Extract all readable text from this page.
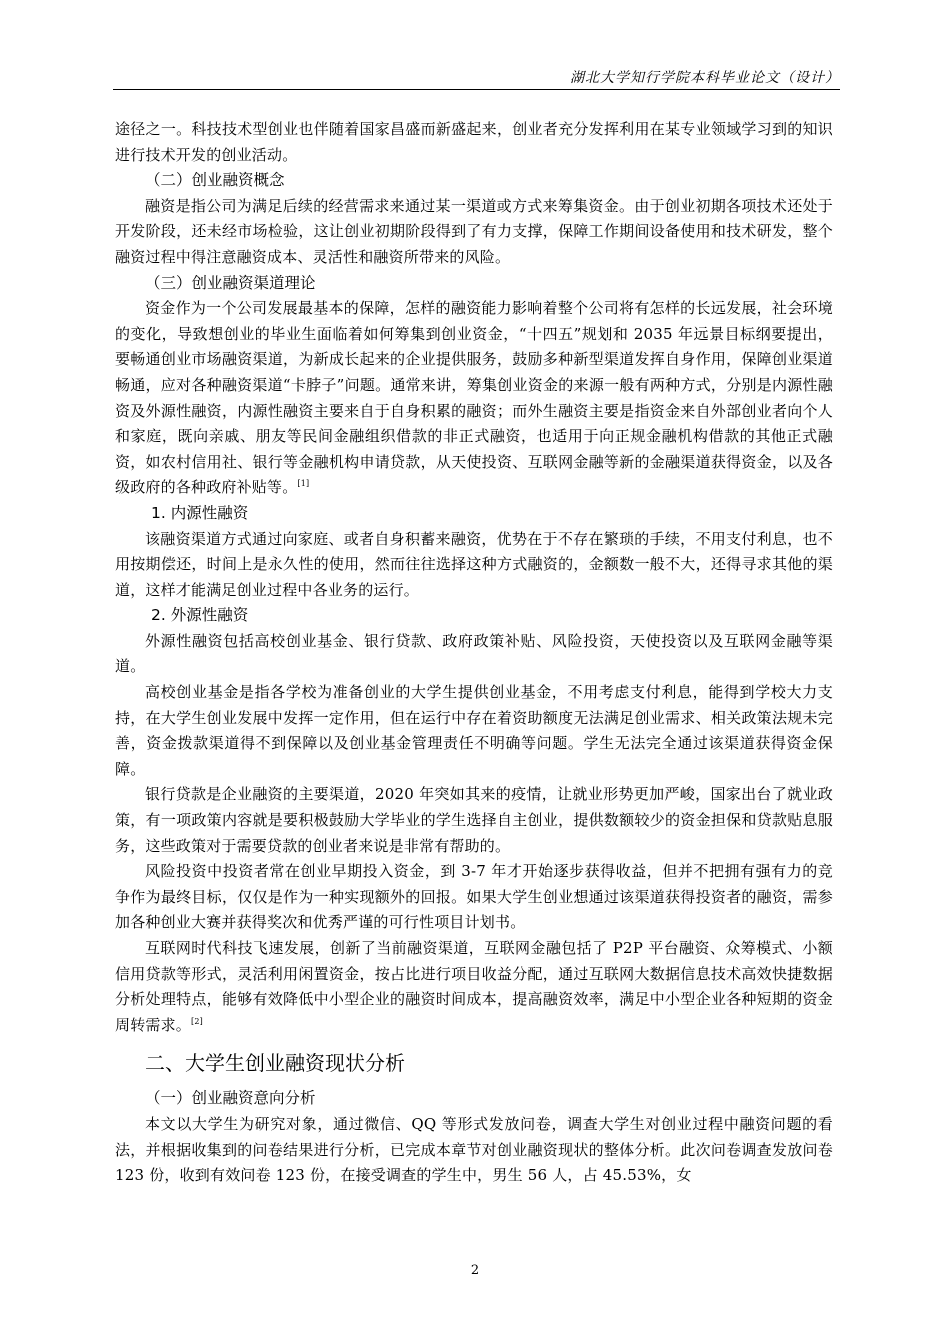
湖北大学知行学院本科毕业论文（设计）

途径之一。科技技术型创业也伴随着国家昌盛而新盛起来，创业者充分发挥利用在某专业领域学习到的知识进行技术开发的创业活动。

（二）创业融资概念

融资是指公司为满足后续的经营需求来通过某一渠道或方式来筹集资金。由于创业初期各项技术还处于开发阶段，还未经市场检验，这让创业初期阶段得到了有力支撑，保障工作期间设备使用和技术研发，整个融资过程中得注意融资成本、灵活性和融资所带来的风险。

（三）创业融资渠道理论

资金作为一个公司发展最基本的保障，怎样的融资能力影响着整个公司将有怎样的长远发展，社会环境的变化，导致想创业的毕业生面临着如何筹集到创业资金，“十四五”规划和 2035 年远景目标纲要提出，要畅通创业市场融资渠道，为新成长起来的企业提供服务，鼓励多种新型渠道发挥自身作用，保障创业渠道畅通，应对各种融资渠道“卡脖子”问题。通常来讲，筹集创业资金的来源一般有两种方式，分别是内源性融资及外源性融资，内源性融资主要来自于自身积累的融资；而外生融资主要是指资金来自外部创业者向个人和家庭，既向亲戚、朋友等民间金融组织借款的非正式融资，也适用于向正规金融机构借款的其他正式融资，如农村信用社、银行等金融机构申请贷款，从天使投资、互联网金融等新的金融渠道获得资金，以及各级政府的各种政府补贴等。[1]

1. 内源性融资

该融资渠道方式通过向家庭、或者自身积蓄来融资，优势在于不存在繁琐的手续，不用支付利息，也不用按期偿还，时间上是永久性的使用，然而往往选择这种方式融资的，金额数一般不大，还得寻求其他的渠道，这样才能满足创业过程中各业务的运行。

2. 外源性融资

外源性融资包括高校创业基金、银行贷款、政府政策补贴、风险投资，天使投资以及互联网金融等渠道。

高校创业基金是指各学校为准备创业的大学生提供创业基金，不用考虑支付利息，能得到学校大力支持，在大学生创业发展中发挥一定作用，但在运行中存在着资助额度无法满足创业需求、相关政策法规未完善，资金拨款渠道得不到保障以及创业基金管理责任不明确等问题。学生无法完全通过该渠道获得资金保障。

银行贷款是企业融资的主要渠道，2020 年突如其来的疫情，让就业形势更加严峻，国家出台了就业政策，有一项政策内容就是要积极鼓励大学毕业的学生选择自主创业，提供数额较少的资金担保和贷款贴息服务，这些政策对于需要贷款的创业者来说是非常有帮助的。

风险投资中投资者常在创业早期投入资金，到 3-7 年才开始逐步获得收益，但并不把拥有强有力的竞争作为最终目标，仅仅是作为一种实现额外的回报。如果大学生创业想通过该渠道获得投资者的融资，需参加各种创业大赛并获得奖次和优秀严谨的可行性项目计划书。

互联网时代科技飞速发展，创新了当前融资渠道，互联网金融包括了 P2P 平台融资、众筹模式、小额信用贷款等形式，灵活利用闲置资金，按占比进行项目收益分配，通过互联网大数据信息技术高效快捷数据分析处理特点，能够有效降低中小型企业的融资时间成本，提高融资效率，满足中小型企业各种短期的资金周转需求。[2]

二、大学生创业融资现状分析
（一）创业融资意向分析

本文以大学生为研究对象，通过微信、QQ 等形式发放问卷，调查大学生对创业过程中融资问题的看法，并根据收集到的问卷结果进行分析，已完成本章节对创业融资现状的整体分析。此次问卷调查发放问卷 123 份，收到有效问卷 123 份，在接受调查的学生中，男生 56 人，占 45.53%，女

2
